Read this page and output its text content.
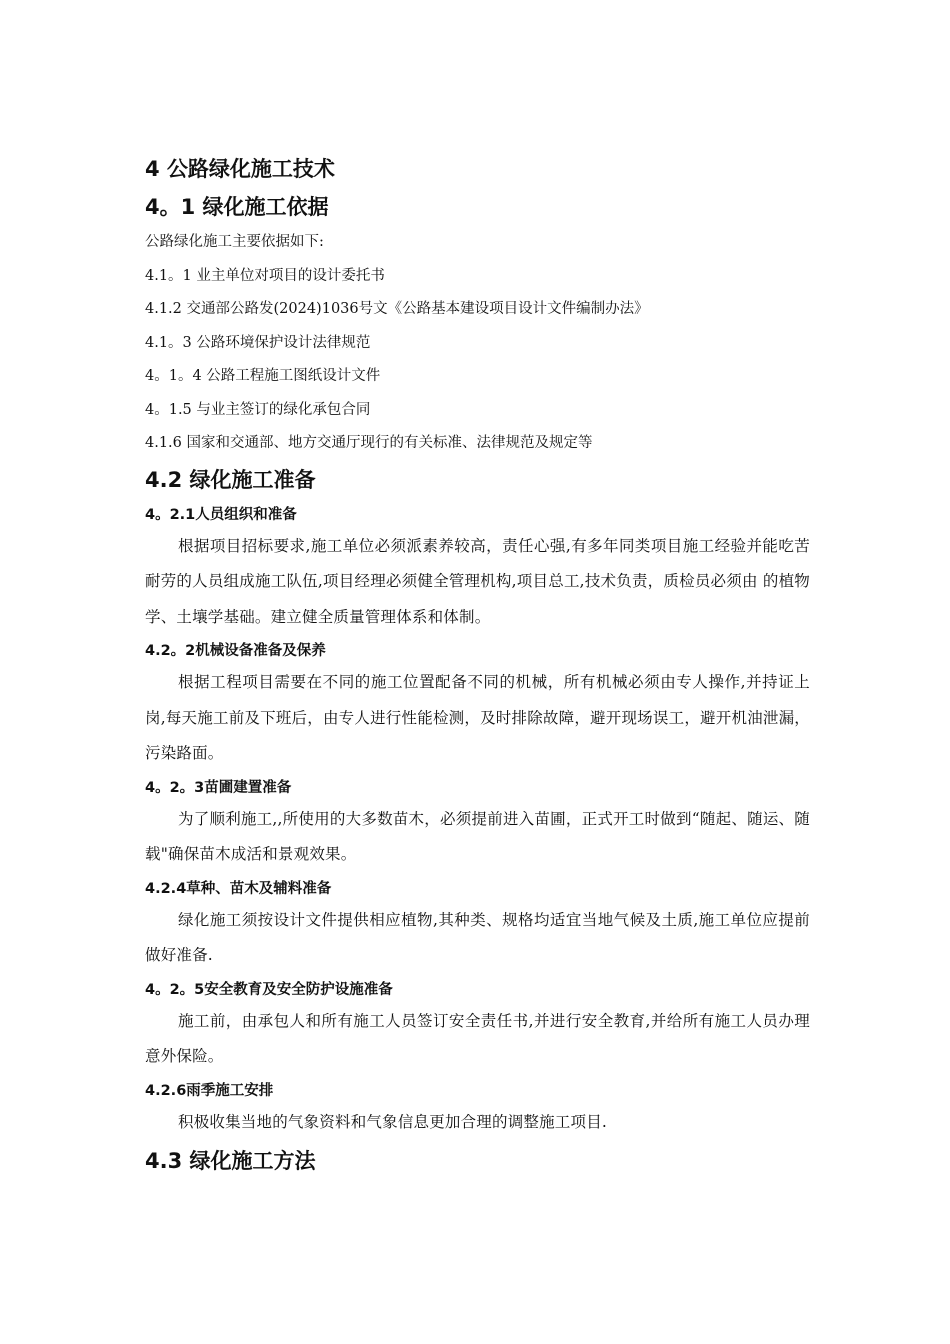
4 公路绿化施工技术
4。1 绿化施工依据

公路绿化施工主要依据如下:

4.1。1 业主单位对项目的设计委托书

4.1.2 交通部公路发(2024)1036号文《公路基本建设项目设计文件编制办法》

4.1。3 公路环境保护设计法律规范

4。1。4 公路工程施工图纸设计文件

4。1.5 与业主签订的绿化承包合同

4.1.6 国家和交通部、地方交通厅现行的有关标准、法律规范及规定等

4.2 绿化施工准备
4。2.1人员组织和准备

根据项目招标要求,施工单位必须派素养较高，责任心强,有多年同类项目施工经验并能吃苦耐劳的人员组成施工队伍,项目经理必须健全管理机构,项目总工,技术负责，质检员必须由 的植物学、土壤学基础。建立健全质量管理体系和体制。

4.2。2机械设备准备及保养

根据工程项目需要在不同的施工位置配备不同的机械，所有机械必须由专人操作,并持证上岗,每天施工前及下班后，由专人进行性能检测，及时排除故障，避开现场误工，避开机油泄漏，污染路面。

4。2。3苗圃建置准备

为了顺利施工,,所使用的大多数苗木，必须提前进入苗圃，正式开工时做到“随起、随运、随载"确保苗木成活和景观效果。

4.2.4草种、苗木及辅料准备

绿化施工须按设计文件提供相应植物,其种类、规格均适宜当地气候及土质,施工单位应提前做好准备.

4。2。5安全教育及安全防护设施准备

施工前，由承包人和所有施工人员签订安全责任书,并进行安全教育,并给所有施工人员办理意外保险。

4.2.6雨季施工安排

积极收集当地的气象资料和气象信息更加合理的调整施工项目.

4.3 绿化施工方法
